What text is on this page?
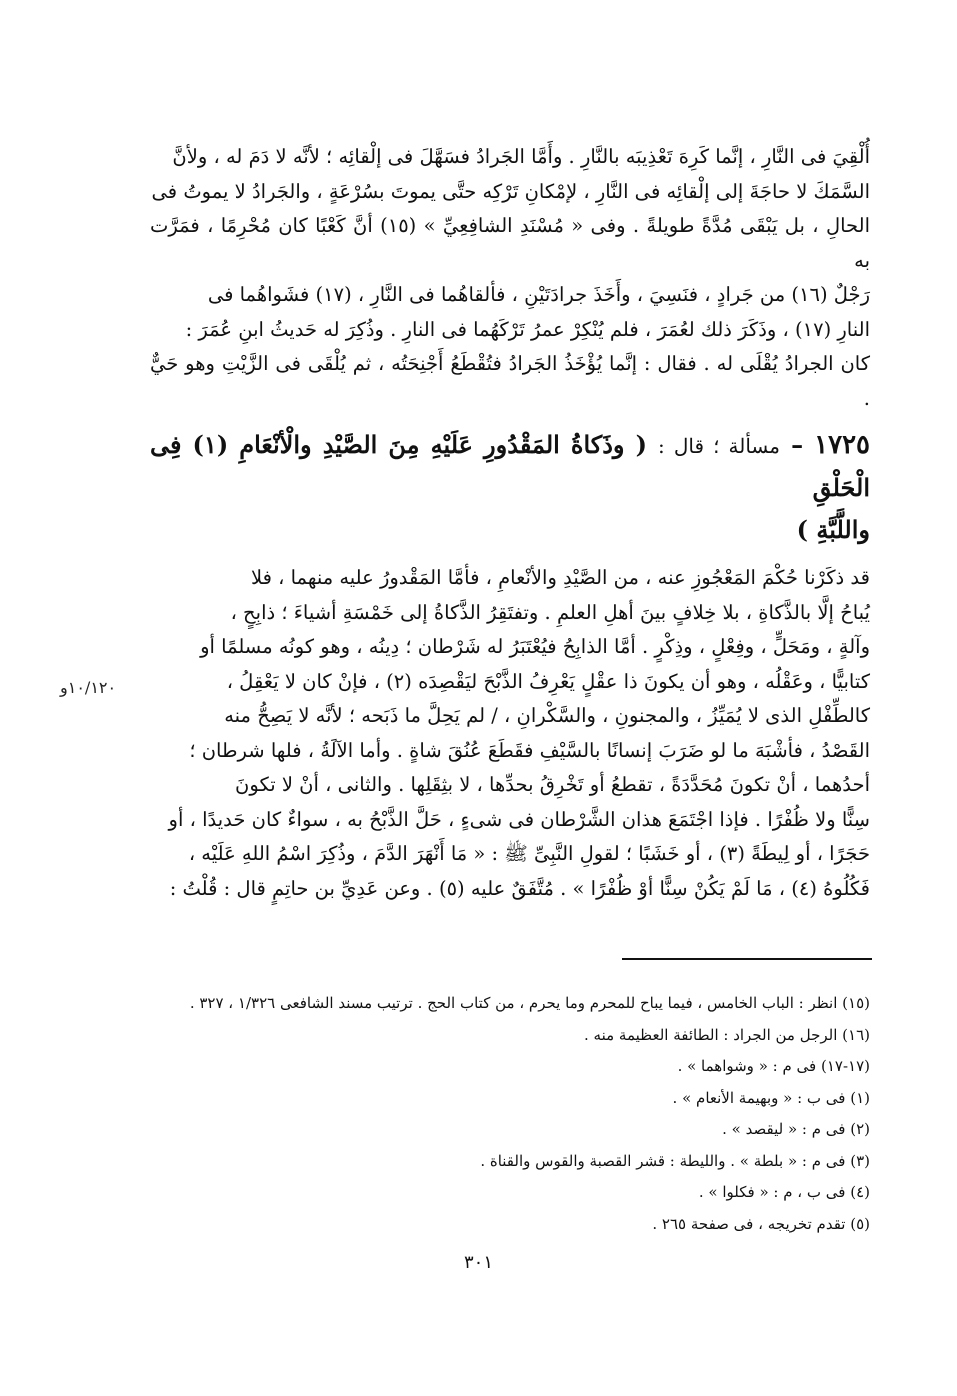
أُلْقِيَ فى النَّارِ ، إنَّما كَرِهَ تَعْذِيبَه بالنَّارِ . وأَمَّا الجَرادُ فسَهَّلَ فى إلْقائِه ؛ لأنَّه لا دَمَ له ، ولأنَّ

السَّمَكَ لا حاجَةَ إلى إلْقائِه فى النَّارِ ، لإمْكانِ تَرْكِه حتَّى يموتَ بسُرْعَةٍ ، والجَرادُ لا يموتُ فى

الحالِ ، بل يَبْقَى مُدَّةً طويلةً . وفى « مُسْنَدِ الشافِعِيِّ » (١٥) أنَّ كَعْبًا كان مُحْرِمًا ، فمَرَّت به

رَجْلٌ (١٦) من جَرادٍ ، فنَسِيَ ، وأَخَذَ جرادَتَيْنِ ، فألقاهُما فى النَّارِ ، (١٧) فشَواهُما فى

النارِ (١٧) ، وذَكَرَ ذلك لعُمَرَ ، فلم يُنْكِرْ عمرُ تَرْكَهُما فى النارِ . وذُكِرَ له حَديثُ ابنِ عُمَرَ :

كان الجرادُ يُقْلَى له . فقال : إنَّما يُؤْخَذُ الجَرادُ فتُقْطَعُ أَجْنِحَتُه ، ثم يُلْقَى فى الزَّيْتِ وهو حَيٌّ .

١٧٢٥ – مسألة ؛ قال : ( وذَكاةُ المَقْدُورِ عَلَيْهِ مِنَ الصَّيْدِ والْأنْعَامِ (١) فِى الْحَلْقِ
واللَّبَّةِ )

قد ذكَرْنا حُكْمَ المَعْجُوزِ عنه ، من الصَّيْدِ والأنْعامِ ، فأمَّا المَقْدورُ عليه منهما ، فلا

يُباحُ إلَّا بالذَّكاةِ ، بلا خِلافٍ بينَ أهلِ العلمِ . وتفتَقِرُ الذَّكاةُ إلى خَمْسَةِ أشياءَ ؛ ذابِحٍ ،

وآلةٍ ، ومَحَلٍّ ، وفِعْلٍ ، وذِكْرٍ . أمَّا الذابِحُ فيُعْتَبَرُ له شَرْطان ؛ دِينُه ، وهو كونُه مسلمًا أو

كتابيًّا ، وعَقْلُه ، وهو أن يكونَ ذا عقْلٍ يَعْرِفُ الذَّبْحَ ليَقْصِدَه (٢) ، فإنْ كان لا يَعْقِلُ ،

كالطِّفْلِ الذى لا يُمَيِّزُ ، والمجنونِ ، والسَّكْرانِ ، / لم يَحِلَّ ما ذَبَحه ؛ لأنَّه لا يَصِحُّ منه

القَصْدُ ، فأشْبَهَ ما لو ضَرَبَ إنسانًا بالسَّيْفِ فقَطَعَ عُنُقَ شاةٍ . وأما الآلَةُ ، فلها شرطان ؛

أحدُهما ، أنْ تكونَ مُحَدَّدَةً ، تقطعُ أو تَخْرِقُ بحدِّها ، لا بثِقَلِها . والثانى ، أنْ لا تكونَ

سِنًّا ولا ظُفْرًا . فإذا اجْتَمَعَ هذان الشَّرْطان فى شىءٍ ، حَلَّ الذَّبْحُ به ، سواءٌ كان حَديدًا ، أو

حَجَرًا ، أو لِيطَةً (٣) ، أو خَشَبًا ؛ لقولِ النَّبِىِّ ﷺ : « مَا أَنْهَرَ الدَّمَ ، وذُكِرَ اسْمُ اللهِ عَلَيْه ،

فَكُلُوهُ (٤) ، مَا لَمْ يَكُنْ سِنًّا أوْ ظُفْرًا » . مُتَّفَقٌ عليه (٥) . وعن عَدِيِّ بن حاتِمٍ قال : قُلْتُ :

١٠/١٢٠و
(١٥) انظر : الباب الخامس ، فيما يباح للمحرم وما يحرم ، من كتاب الحج . ترتيب مسند الشافعى ١/٣٢٦ ، ٣٢٧ .
(١٦) الرجل من الجراد : الطائفة العظيمة منه .
(١٧-١٧) فى م : « وشواهما » .
(١) فى ب : « وبهيمة الأنعام » .
(٢) فى م : « ليقصد » .
(٣) فى م : « بلطة » . والليطة : قشر القصبة والقوس والقناة .
(٤) فى ب ، م : « فكلوا » .
(٥) تقدم تخريجه ، فى صفحة ٢٦٥ .
٣٠١
